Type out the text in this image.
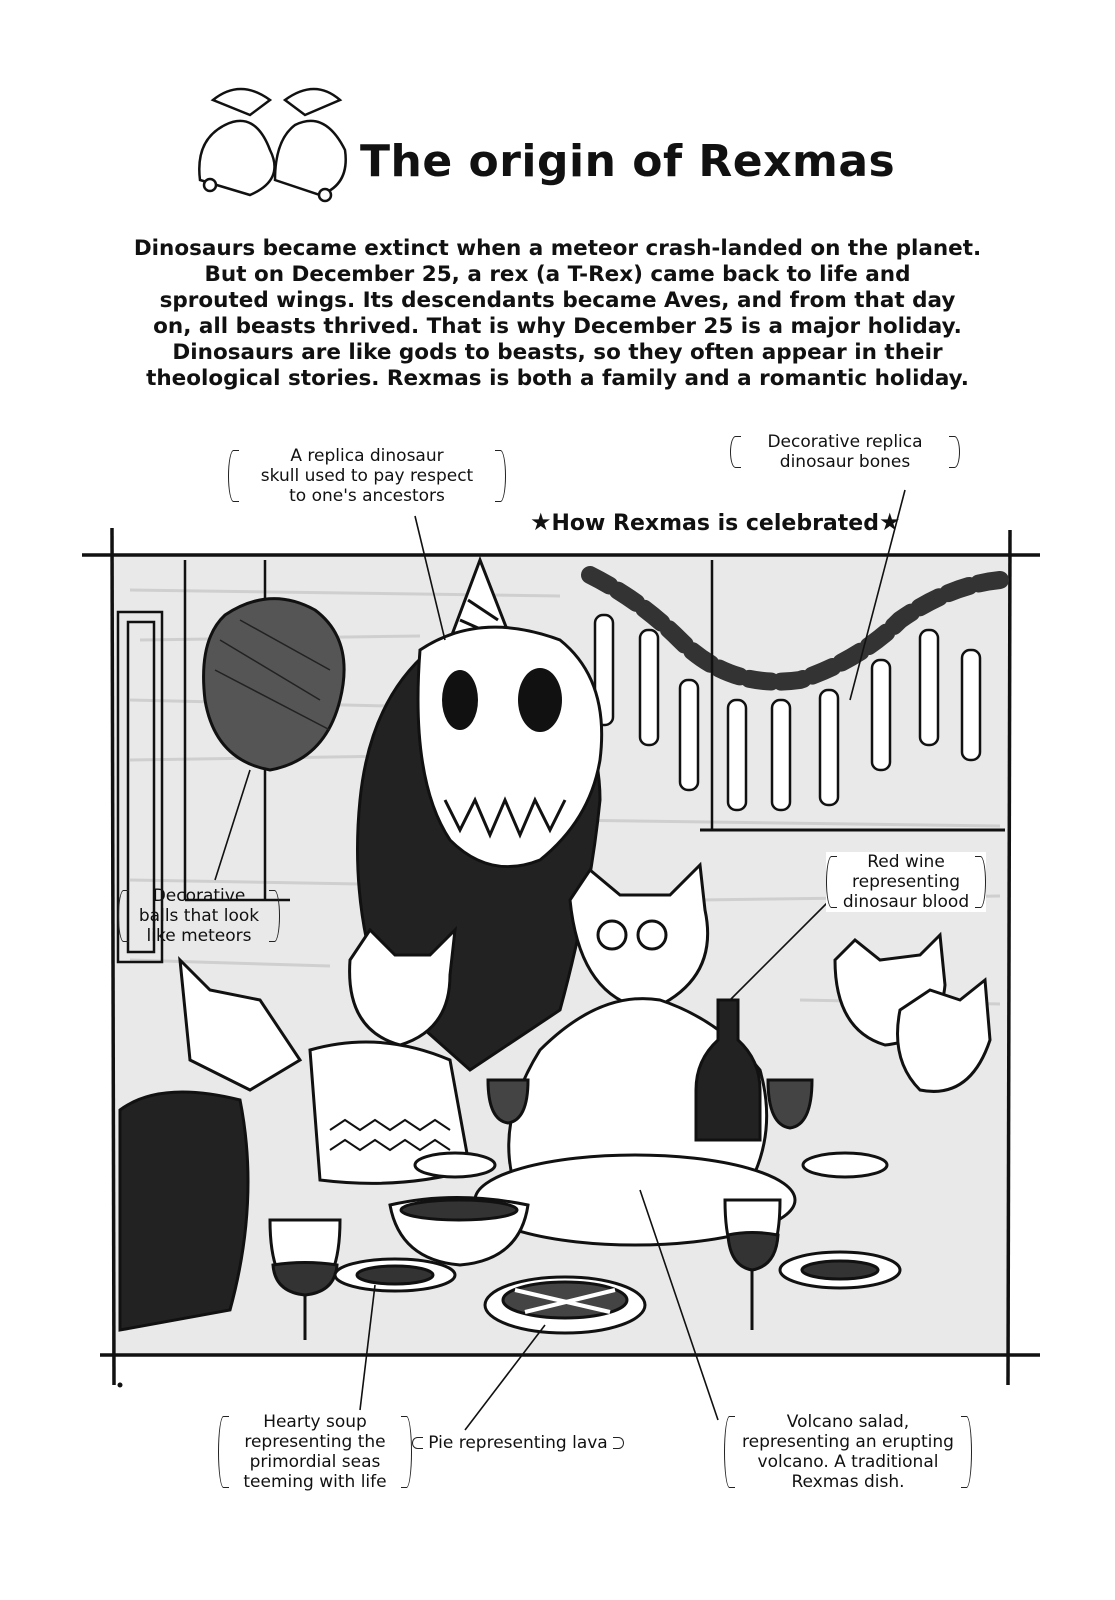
The origin of Rexmas
Dinosaurs became extinct when a meteor crash-landed on the planet.
But on December 25, a rex (a T-Rex) came back to life and
sprouted wings. Its descendants became Aves, and from that day
on, all beasts thrived. That is why December 25 is a major holiday.
Dinosaurs are like gods to beasts, so they often appear in their
theological stories. Rexmas is both a family and a romantic holiday.
★How Rexmas is celebrated★
A replica dinosaur
skull used to pay respect
to one's ancestors
Decorative replica
dinosaur bones
Decorative
balls that look
like meteors
Red wine
representing
dinosaur blood
Hearty soup
representing the
primordial seas
teeming with life
Pie representing lava
Volcano salad,
representing an erupting
volcano. A traditional
Rexmas dish.
